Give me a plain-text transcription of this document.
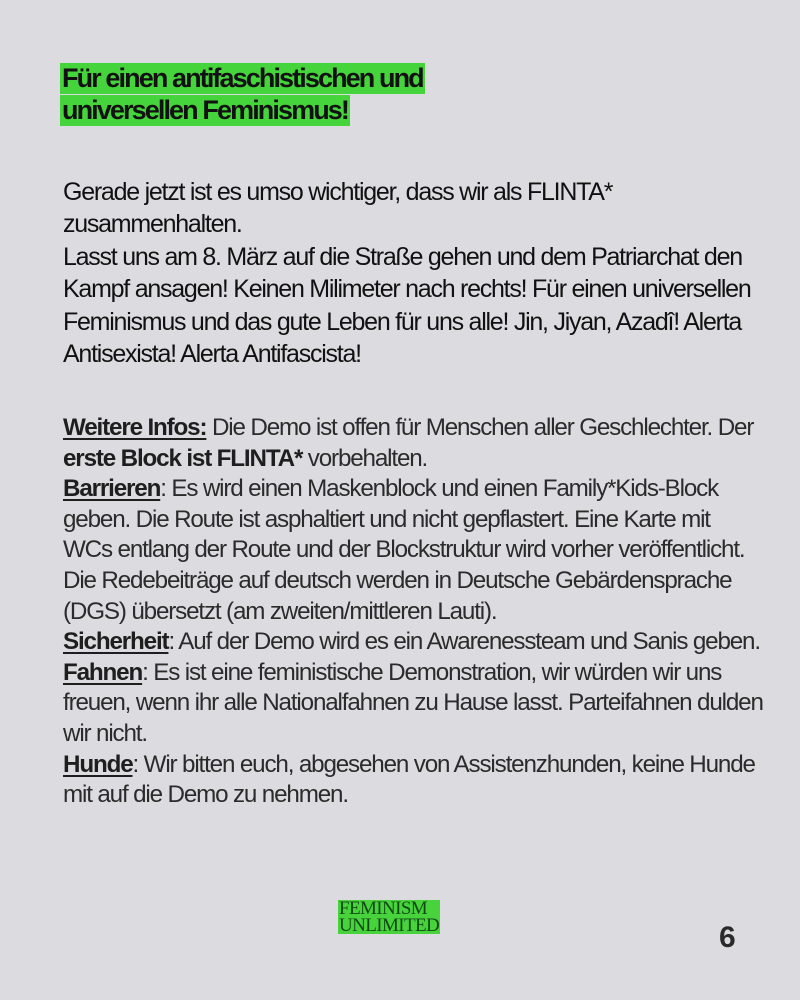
Für einen antifaschistischen und
universellen Feminismus!

Gerade jetzt ist es umso wichtiger, dass wir als FLINTA* zusammenhalten.

Lasst uns am 8. März auf die Straße gehen und dem Patriarchat den Kampf ansagen! Keinen Milimeter nach rechts! Für einen universellen Feminismus und das gute Leben für uns alle! Jin, Jiyan, Azadî! Alerta Antisexista! Alerta Antifascista!

Weitere Infos: Die Demo ist offen für Menschen aller Geschlechter. Der erste Block ist FLINTA* vorbehalten.

Barrieren: Es wird einen Maskenblock und einen Family*Kids-Block geben. Die Route ist asphaltiert und nicht gepflastert. Eine Karte mit WCs entlang der Route und der Blockstruktur wird vorher veröffentlicht. Die Redebeiträge auf deutsch werden in Deutsche Gebärdensprache (DGS) übersetzt (am zweiten/mittleren Lauti).

Sicherheit: Auf der Demo wird es ein Awarenessteam und Sanis geben.

Fahnen: Es ist eine feministische Demonstration, wir würden wir uns freuen, wenn ihr alle Nationalfahnen zu Hause lasst. Parteifahnen dulden wir nicht.

Hunde: Wir bitten euch, abgesehen von Assistenzhunden, keine Hunde mit auf die Demo zu nehmen.

FEMINISM
UNLIMITED	6
